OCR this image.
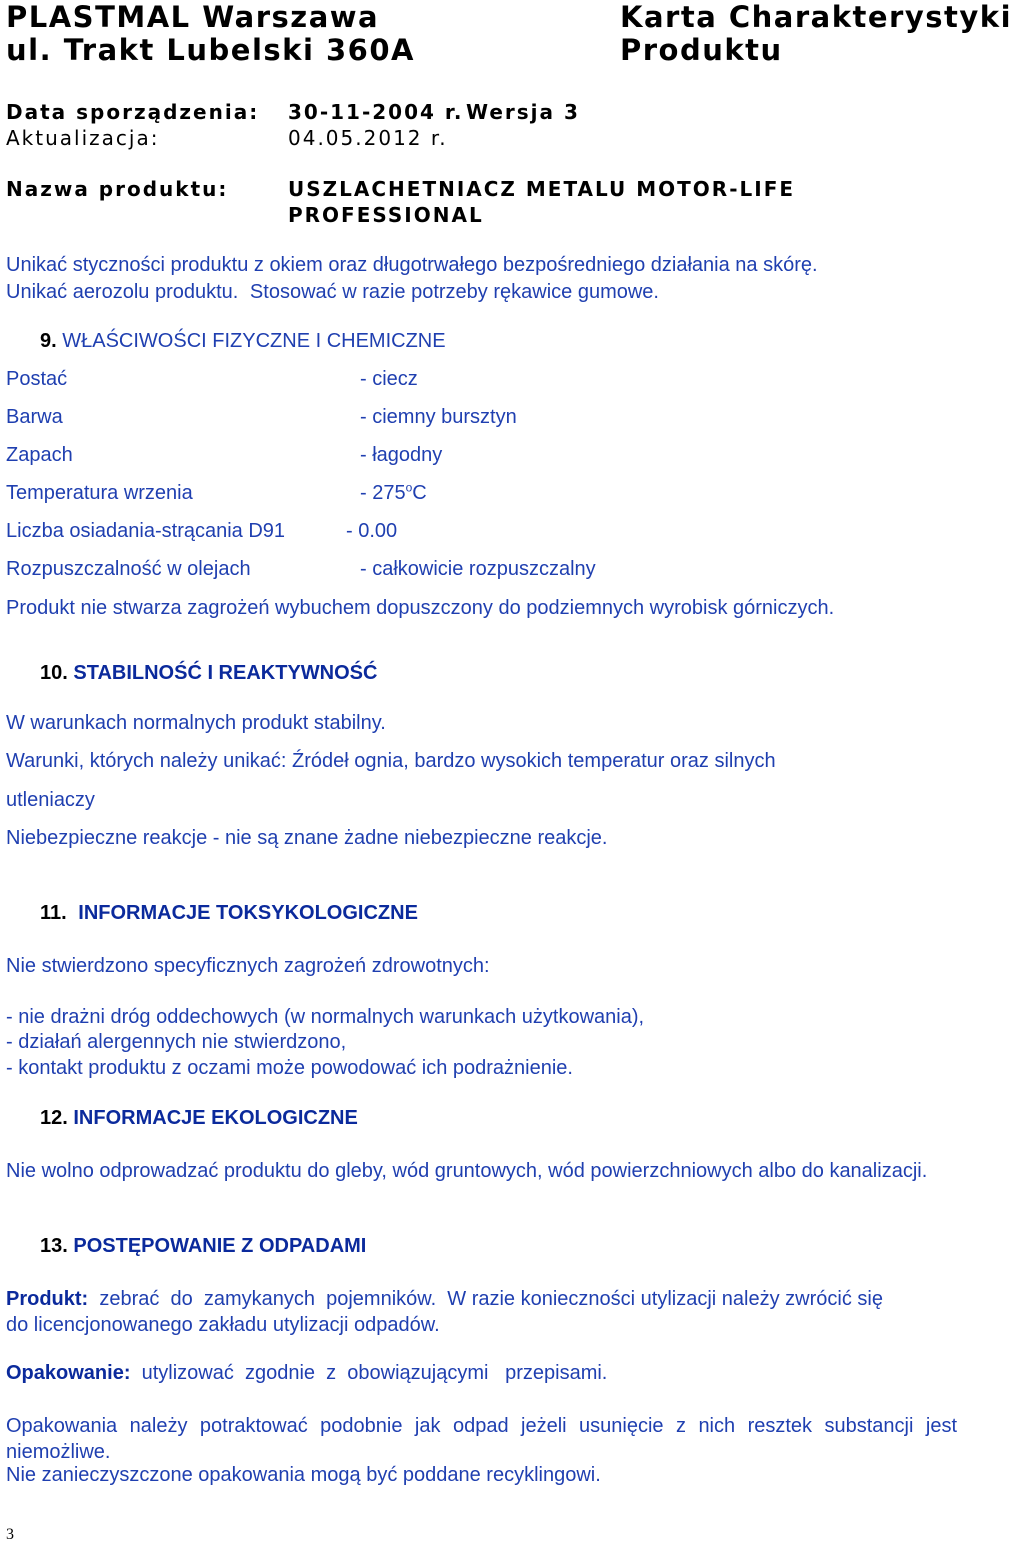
PLASTMAL Warszawa
ul. Trakt Lubelski 360A
Karta Charakterystyki
Produktu
Data sporządzenia: 30-11-2004 r. Wersja 3
Aktualizacja:	04.05.2012 r.
Nazwa produktu:	USZLACHETNIACZ METALU MOTOR-LIFE
PROFESSIONAL
Unikać styczności produktu z okiem oraz długotrwałego bezpośredniego działania na skórę.
Unikać aerozolu produktu. Stosować w razie potrzeby rękawice gumowe.
9. WŁAŚCIWOŚCI FIZYCZNE I CHEMICZNE
Postać	- ciecz
Barwa	- ciemny bursztyn
Zapach	- łagodny
Temperatura wrzenia	- 275$^o$C
Liczba osiadania-strącania D91	- 0.00
Rozpuszczalność w olejach	- całkowicie rozpuszczalny
Produkt nie stwarza zagrożeń wybuchem dopuszczony do podziemnych wyrobisk górniczych.
10. STABILNOŚĆ I REAKTYWNOŚĆ
W warunkach normalnych produkt stabilny.
Warunki, których należy unikać: Źródeł ognia, bardzo wysokich temperatur oraz silnych
utleniaczy
Niebezpieczne reakcje - nie są znane żadne niebezpieczne reakcje.
11. INFORMACJE TOKSYKOLOGICZNE
Nie stwierdzono specyficznych zagrożeń zdrowotnych:
- nie drażni dróg oddechowych (w normalnych warunkach użytkowania),
- działań alergennych nie stwierdzono,
- kontakt produktu z oczami może powodować ich podrażnienie.
12. INFORMACJE EKOLOGICZNE
Nie wolno odprowadzać produktu do gleby, wód gruntowych, wód powierzchniowych albo do kanalizacji.
13. POSTĘPOWANIE Z ODPADAMI
Produkt:  zebrać  do  zamykanych  pojemników.  W razie konieczności utylizacji należy zwrócić się do licencjonowanego zakładu utylizacji odpadów.
Opakowanie:  utylizować  zgodnie  z  obowiązującymi   przepisami.
Opakowania należy potraktować podobnie jak odpad jeżeli usunięcie z nich resztek substancji jest niemożliwe.
Nie zanieczyszczone opakowania mogą być poddane recyklingowi.
3
